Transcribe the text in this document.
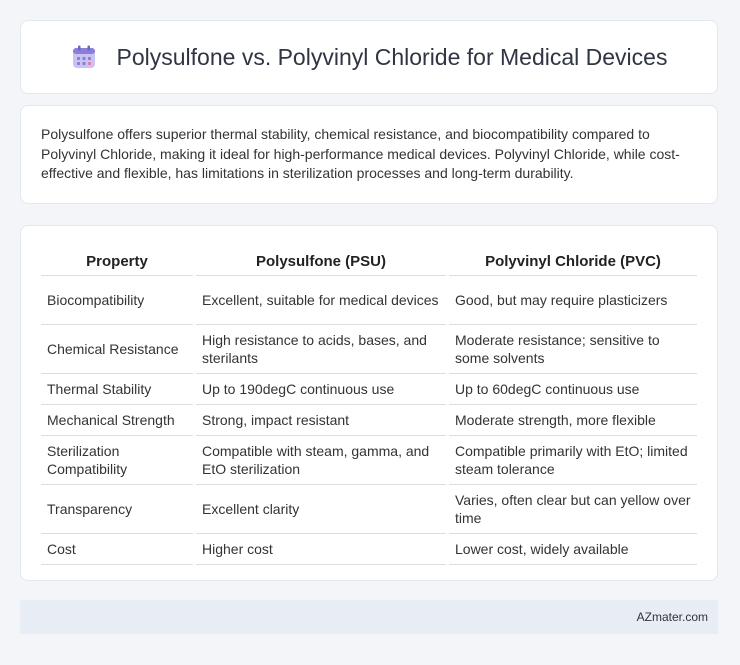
Polysulfone vs. Polyvinyl Chloride for Medical Devices

Polysulfone offers superior thermal stability, chemical resistance, and biocompatibility compared to Polyvinyl Chloride, making it ideal for high-performance medical devices. Polyvinyl Chloride, while cost-effective and flexible, has limitations in sterilization processes and long-term durability.

Property	Polysulfone (PSU)	Polyvinyl Chloride (PVC)
Biocompatibility	Excellent, suitable for medical devices	Good, but may require plasticizers
Chemical Resistance	High resistance to acids, bases, and sterilants	Moderate resistance; sensitive to some solvents
Thermal Stability	Up to 190degC continuous use	Up to 60degC continuous use
Mechanical Strength	Strong, impact resistant	Moderate strength, more flexible
Sterilization Compatibility	Compatible with steam, gamma, and EtO sterilization	Compatible primarily with EtO; limited steam tolerance
Transparency	Excellent clarity	Varies, often clear but can yellow over time
Cost	Higher cost	Lower cost, widely available
AZmater.com
